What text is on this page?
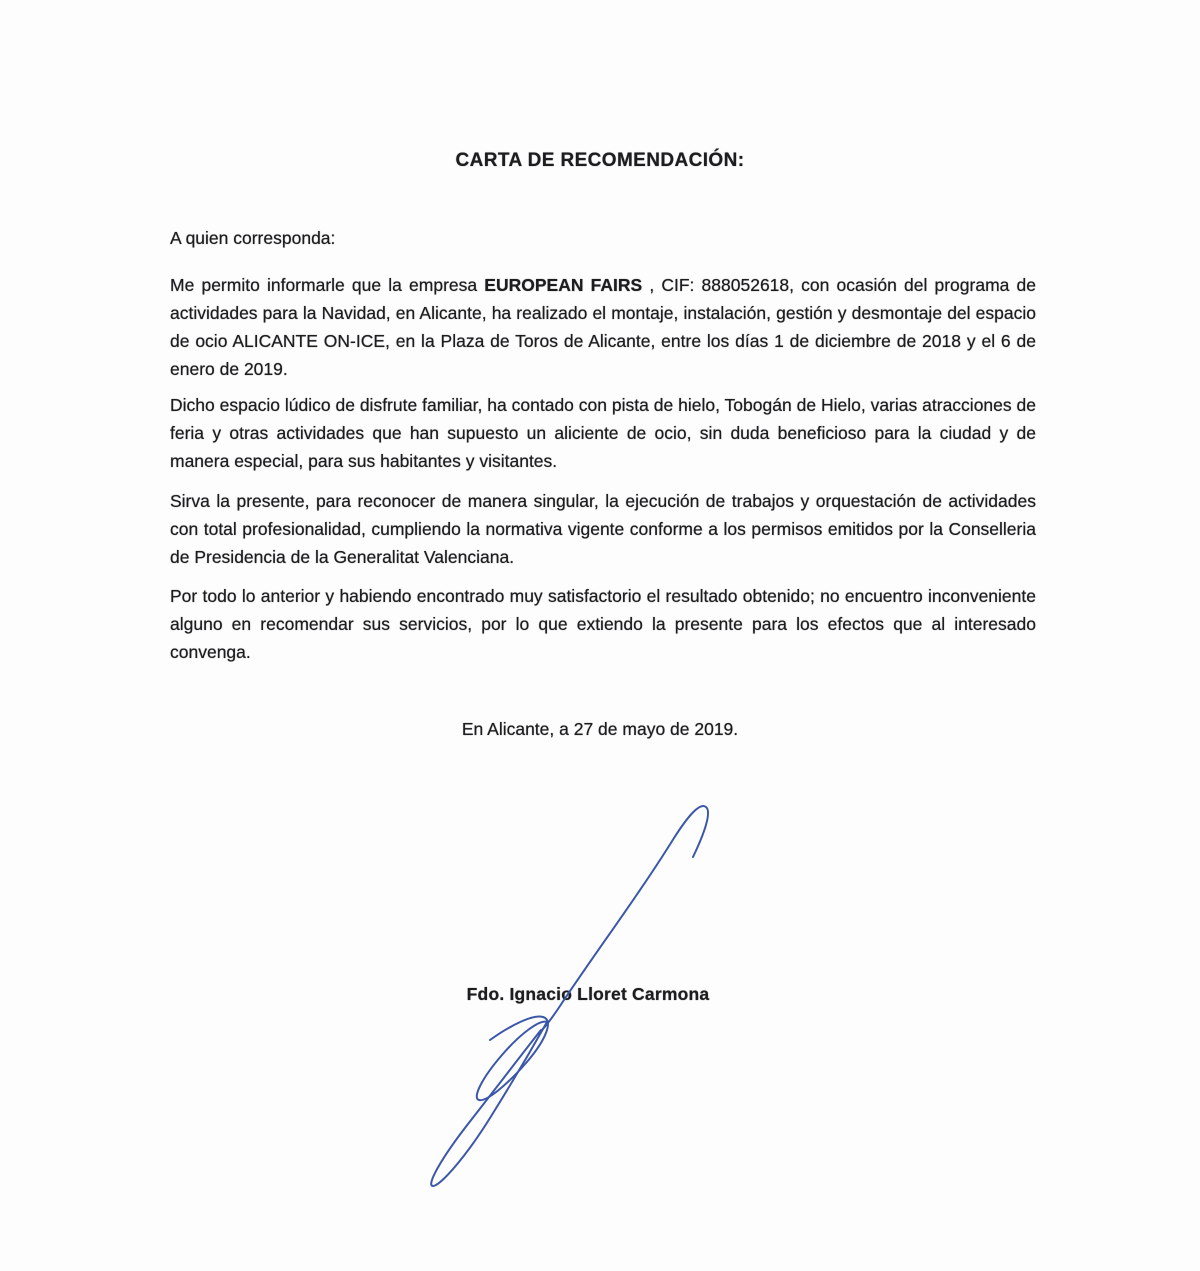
CARTA DE RECOMENDACIÓN:
A quien corresponda:

Me permito informarle que la empresa EUROPEAN FAIRS , CIF: 888052618, con ocasión del programa de actividades para la Navidad, en Alicante, ha realizado el montaje, instalación, gestión y desmontaje del espacio de ocio ALICANTE ON-ICE, en la Plaza de Toros de Alicante, entre los días 1 de diciembre de 2018 y el 6 de enero de 2019.

Dicho espacio lúdico de disfrute familiar, ha contado con pista de hielo, Tobogán de Hielo, varias atracciones de feria y otras actividades que han supuesto un aliciente de ocio, sin duda beneficioso para la ciudad y de manera especial, para sus habitantes y visitantes.

Sirva la presente, para reconocer de manera singular, la ejecución de trabajos y orquestación de actividades con total profesionalidad, cumpliendo la normativa vigente conforme a los permisos emitidos por la Conselleria de Presidencia de la Generalitat Valenciana.

Por todo lo anterior y habiendo encontrado muy satisfactorio el resultado obtenido; no encuentro inconveniente alguno en recomendar sus servicios, por lo que extiendo la presente para los efectos que al interesado convenga.

En Alicante, a 27 de mayo de 2019.
Fdo. Ignacio Lloret Carmona
